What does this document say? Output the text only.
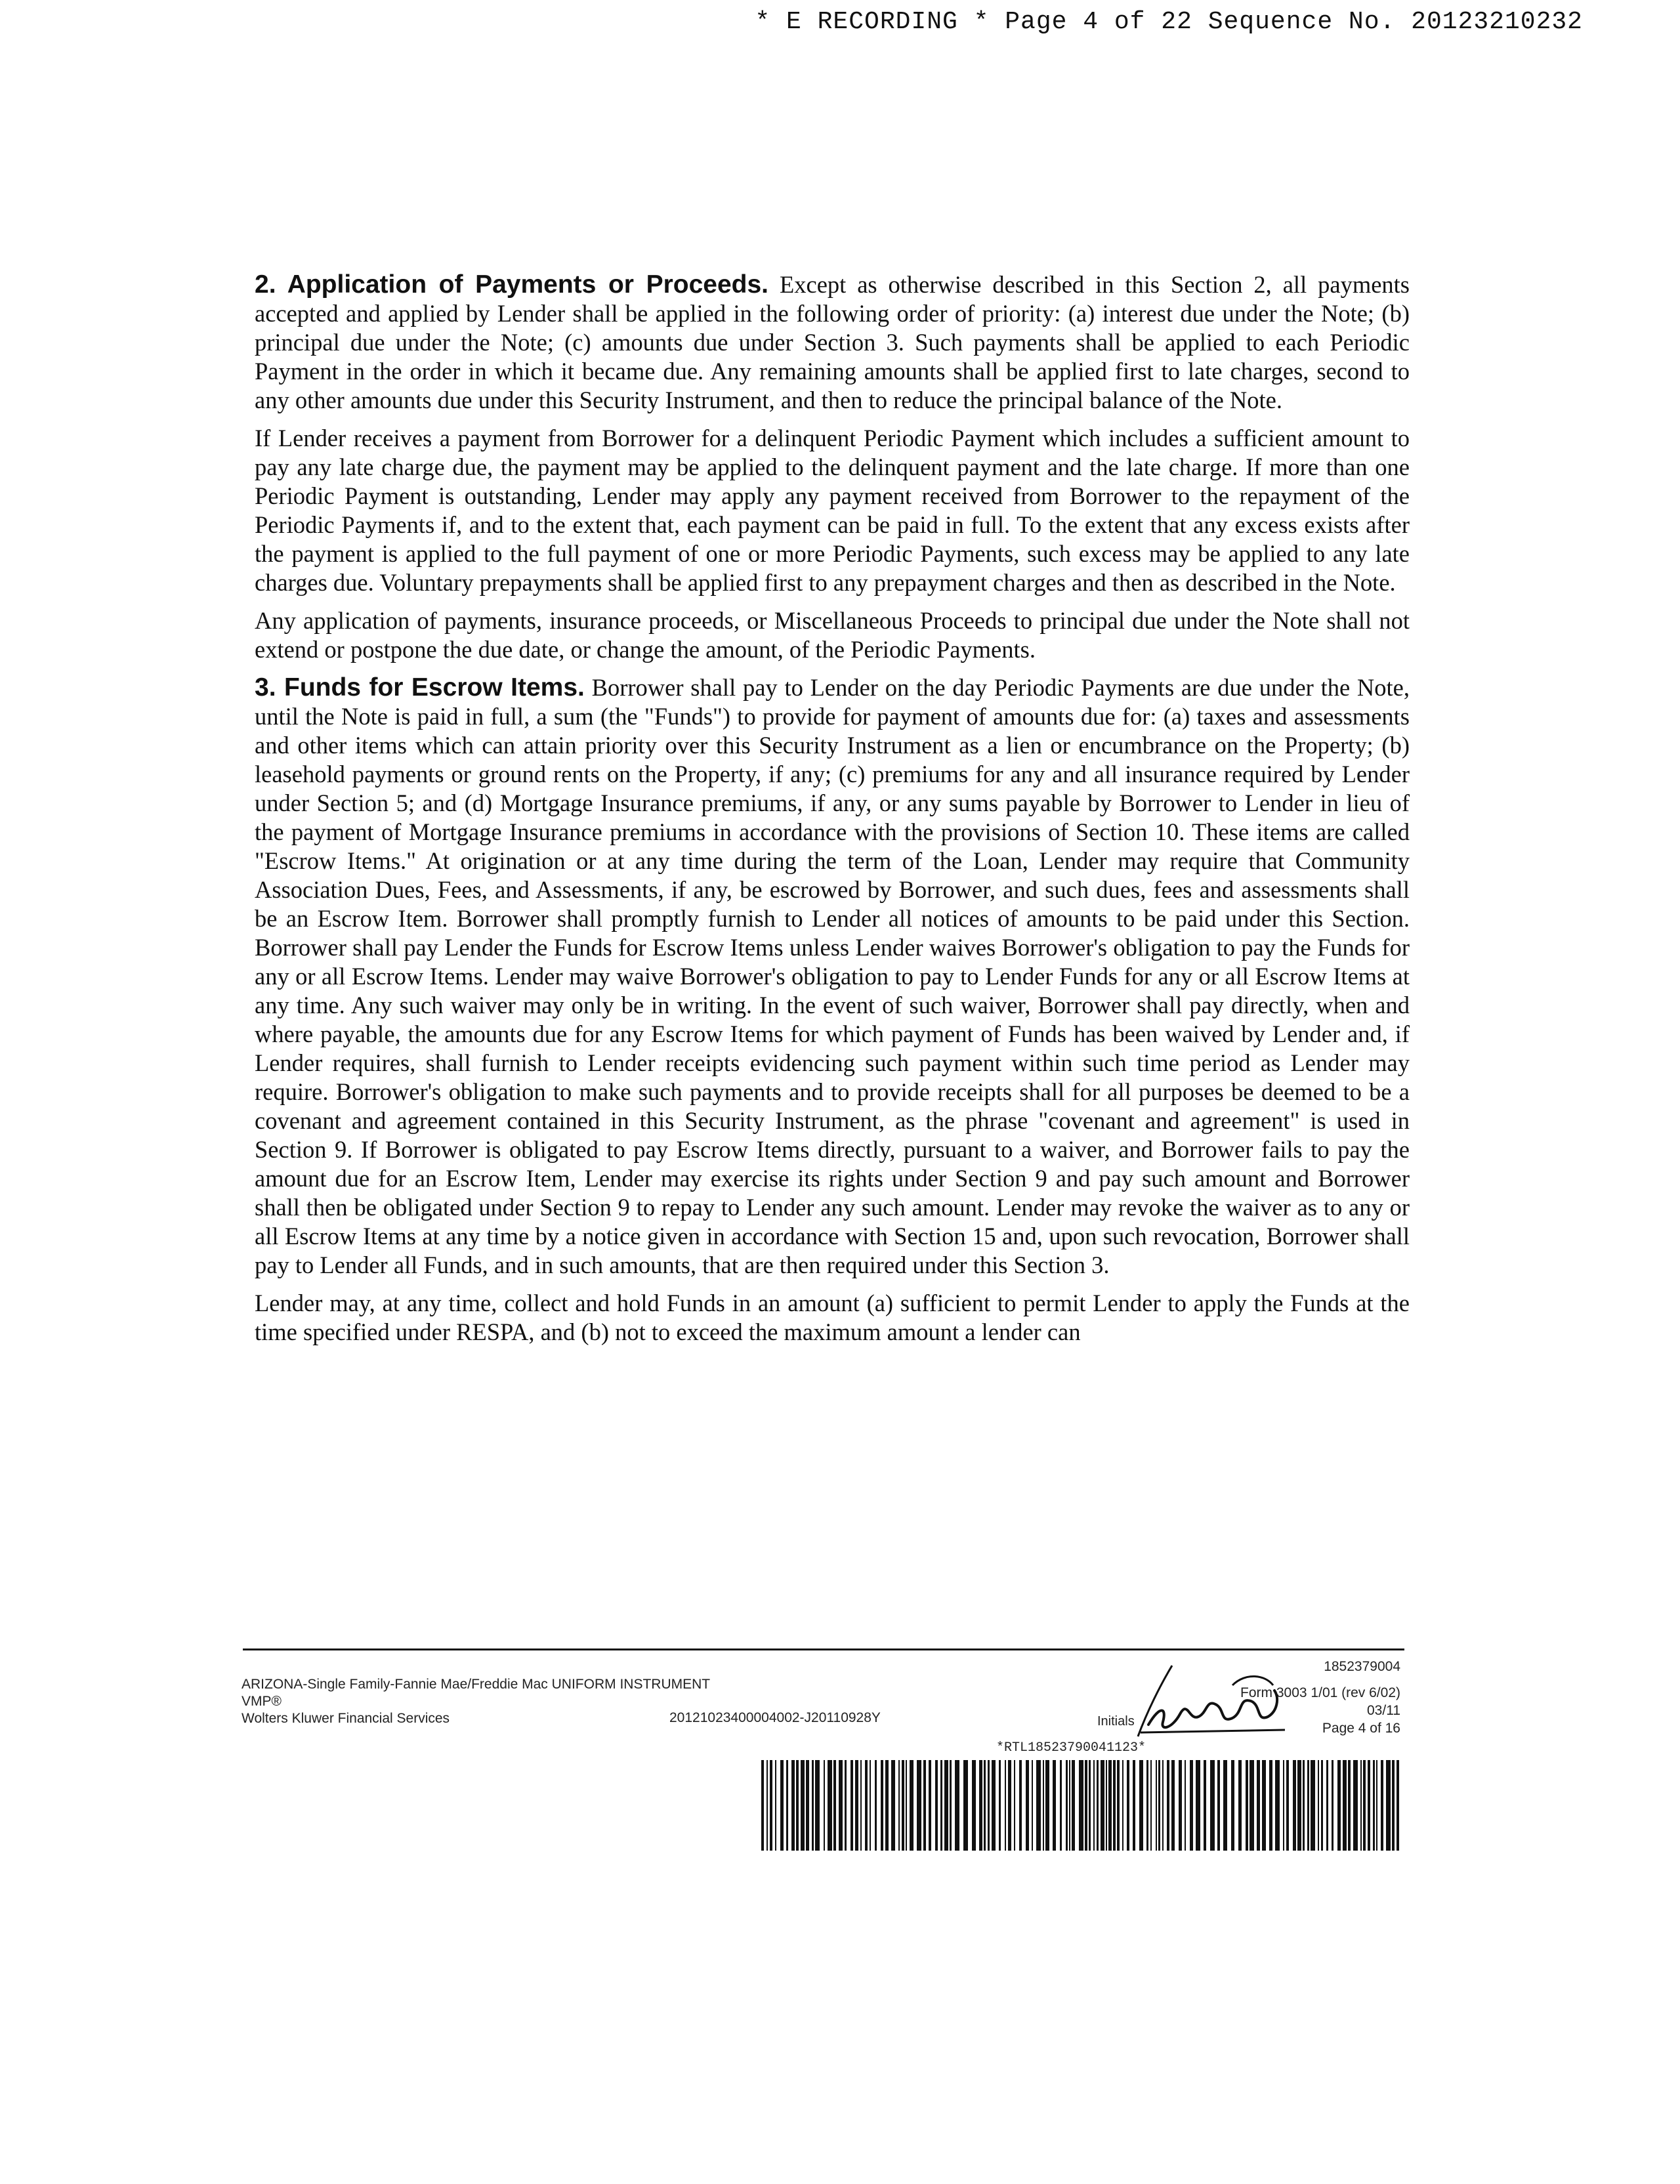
* E RECORDING * Page 4 of 22 Sequence No. 20123210232

2. Application of Payments or Proceeds. Except as otherwise described in this Section 2, all payments accepted and applied by Lender shall be applied in the following order of priority: (a) interest due under the Note; (b) principal due under the Note; (c) amounts due under Section 3. Such payments shall be applied to each Periodic Payment in the order in which it became due. Any remaining amounts shall be applied first to late charges, second to any other amounts due under this Security Instrument, and then to reduce the principal balance of the Note.

If Lender receives a payment from Borrower for a delinquent Periodic Payment which includes a sufficient amount to pay any late charge due, the payment may be applied to the delinquent payment and the late charge. If more than one Periodic Payment is outstanding, Lender may apply any payment received from Borrower to the repayment of the Periodic Payments if, and to the extent that, each payment can be paid in full. To the extent that any excess exists after the payment is applied to the full payment of one or more Periodic Payments, such excess may be applied to any late charges due. Voluntary prepayments shall be applied first to any prepayment charges and then as described in the Note.

Any application of payments, insurance proceeds, or Miscellaneous Proceeds to principal due under the Note shall not extend or postpone the due date, or change the amount, of the Periodic Payments.

3. Funds for Escrow Items. Borrower shall pay to Lender on the day Periodic Payments are due under the Note, until the Note is paid in full, a sum (the "Funds") to provide for payment of amounts due for: (a) taxes and assessments and other items which can attain priority over this Security Instrument as a lien or encumbrance on the Property; (b) leasehold payments or ground rents on the Property, if any; (c) premiums for any and all insurance required by Lender under Section 5; and (d) Mortgage Insurance premiums, if any, or any sums payable by Borrower to Lender in lieu of the payment of Mortgage Insurance premiums in accordance with the provisions of Section 10. These items are called "Escrow Items." At origination or at any time during the term of the Loan, Lender may require that Community Association Dues, Fees, and Assessments, if any, be escrowed by Borrower, and such dues, fees and assessments shall be an Escrow Item. Borrower shall promptly furnish to Lender all notices of amounts to be paid under this Section. Borrower shall pay Lender the Funds for Escrow Items unless Lender waives Borrower's obligation to pay the Funds for any or all Escrow Items. Lender may waive Borrower's obligation to pay to Lender Funds for any or all Escrow Items at any time. Any such waiver may only be in writing. In the event of such waiver, Borrower shall pay directly, when and where payable, the amounts due for any Escrow Items for which payment of Funds has been waived by Lender and, if Lender requires, shall furnish to Lender receipts evidencing such payment within such time period as Lender may require. Borrower's obligation to make such payments and to provide receipts shall for all purposes be deemed to be a covenant and agreement contained in this Security Instrument, as the phrase "covenant and agreement" is used in Section 9. If Borrower is obligated to pay Escrow Items directly, pursuant to a waiver, and Borrower fails to pay the amount due for an Escrow Item, Lender may exercise its rights under Section 9 and pay such amount and Borrower shall then be obligated under Section 9 to repay to Lender any such amount. Lender may revoke the waiver as to any or all Escrow Items at any time by a notice given in accordance with Section 15 and, upon such revocation, Borrower shall pay to Lender all Funds, and in such amounts, that are then required under this Section 3.

Lender may, at any time, collect and hold Funds in an amount (a) sufficient to permit Lender to apply the Funds at the time specified under RESPA, and (b) not to exceed the maximum amount a lender can

ARIZONA-Single Family-Fannie Mae/Freddie Mac UNIFORM INSTRUMENT
VMP®
Wolters Kluwer Financial Services	20121023400004002-J20110928Y
1852379004
Form 3003 1/01 (rev 6/02)
03/11
Page 4 of 16
Initials
*RTL18523790041123*
